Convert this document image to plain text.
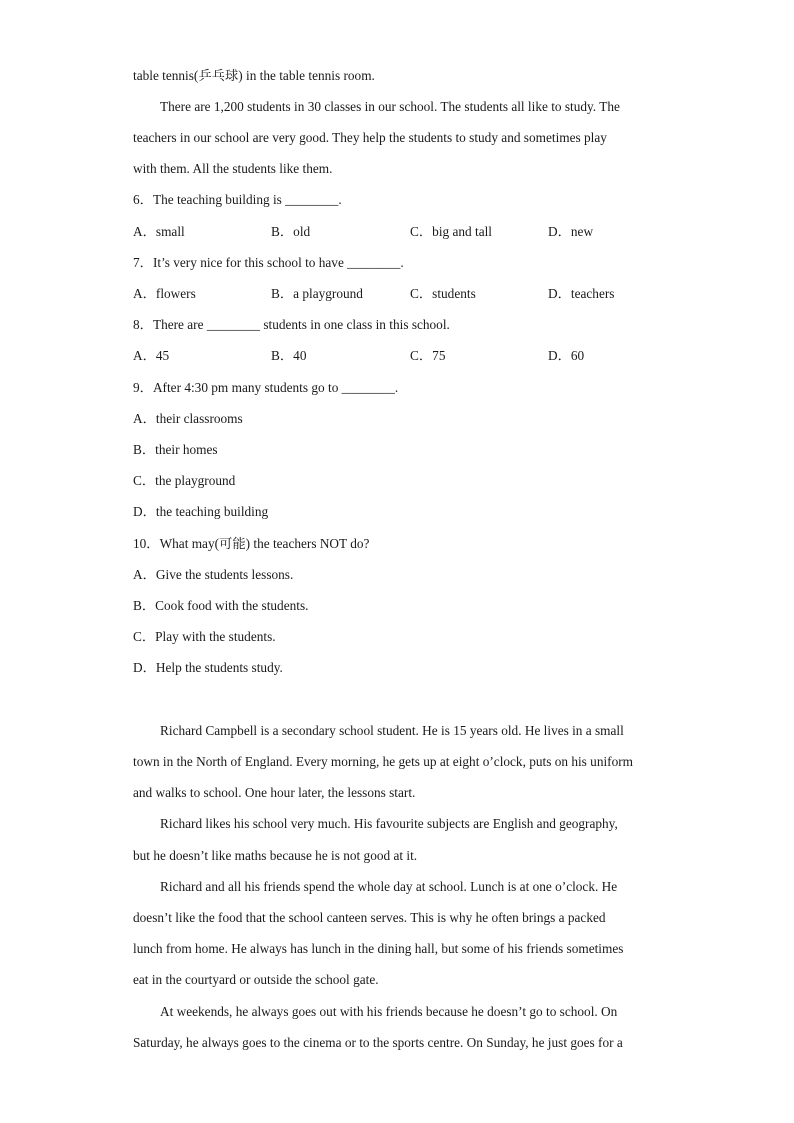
table tennis(乒乓球) in the table tennis room.
There are 1,200 students in 30 classes in our school. The students all like to study. The
teachers in our school are very good. They help the students to study and sometimes play
with them. All the students like them.
6．The teaching building is ________.
A．small	B．old	C．big and tall	D．new
7．It’s very nice for this school to have ________.
A．flowers	B．a playground	C．students	D．teachers
8．There are ________ students in one class in this school.
A．45	B．40	C．75	D．60
9．After 4:30 pm many students go to ________.
A．their classrooms
B．their homes
C．the playground
D．the teaching building
10．What may(可能) the teachers NOT do?
A．Give the students lessons.
B．Cook food with the students.
C．Play with the students.
D．Help the students study.
Richard Campbell is a secondary school student. He is 15 years old. He lives in a small
town in the North of England. Every morning, he gets up at eight o’clock, puts on his uniform
and walks to school. One hour later, the lessons start.
Richard likes his school very much. His favourite subjects are English and geography,
but he doesn’t like maths because he is not good at it.
Richard and all his friends spend the whole day at school. Lunch is at one o’clock. He
doesn’t like the food that the school canteen serves. This is why he often brings a packed
lunch from home. He always has lunch in the dining hall, but some of his friends sometimes
eat in the courtyard or outside the school gate.
At weekends, he always goes out with his friends because he doesn’t go to school. On
Saturday, he always goes to the cinema or to the sports centre. On Sunday, he just goes for a
